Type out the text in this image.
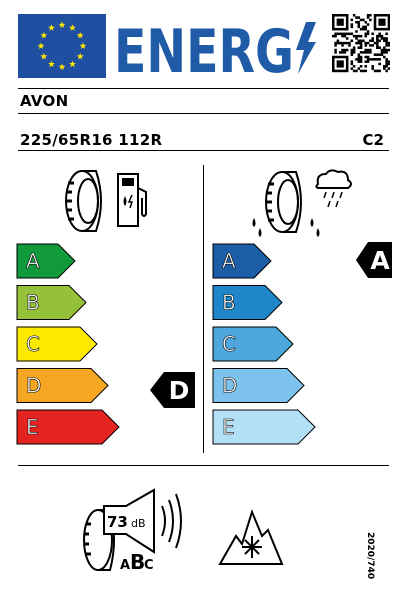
ENERG
AVON
225/65R16 112R	C2
A
B
C
D
E
D
A
B
C
D
E
A
73 dB
A B
C	2020/740
